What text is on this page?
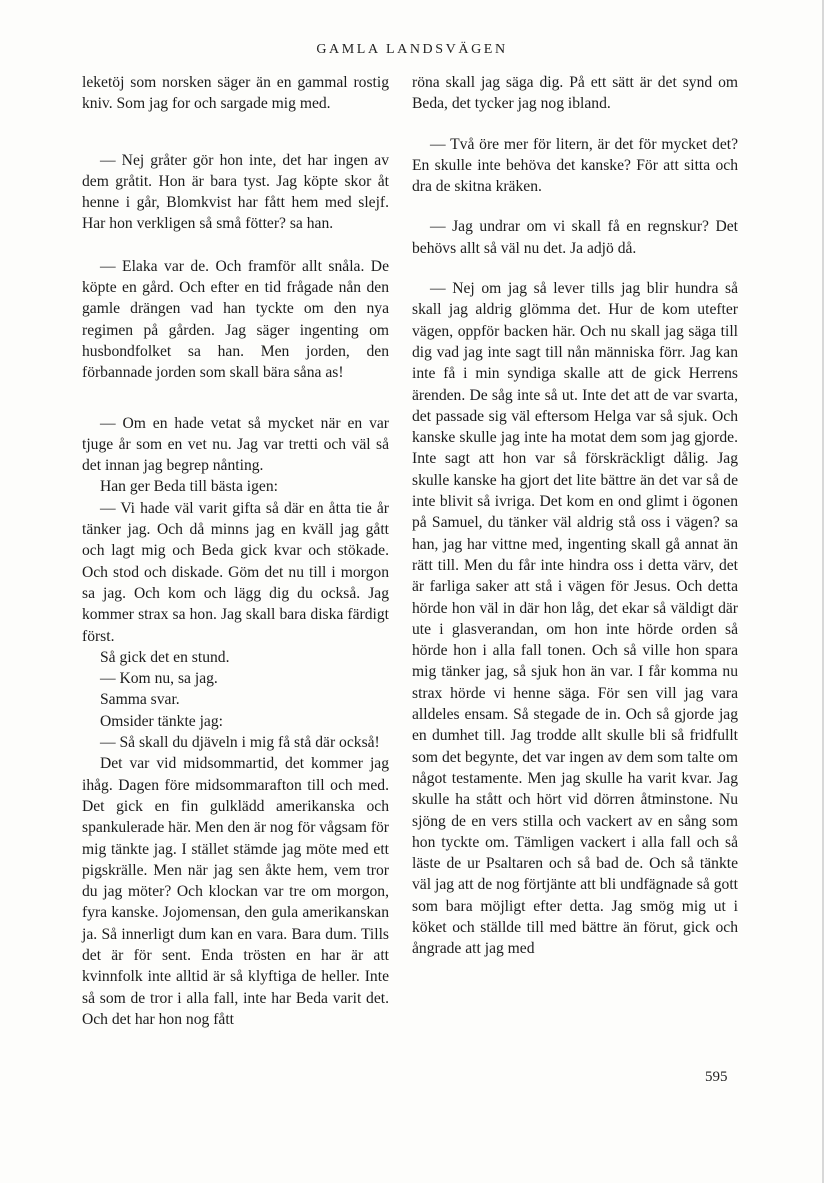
GAMLA LANDSVÄGEN

leketöj som norsken säger än en gammal rostig kniv. Som jag for och sargade mig med.

— Nej gråter gör hon inte, det har ingen av dem gråtit. Hon är bara tyst. Jag köpte skor åt henne i går, Blomkvist har fått hem med slejf. Har hon verkligen så små fötter? sa han.

— Elaka var de. Och framför allt snåla. De köpte en gård. Och efter en tid frågade nån den gamle drängen vad han tyckte om den nya regimen på gården. Jag säger ingenting om husbondfolket sa han. Men jorden, den förbannade jorden som skall bära såna as!

— Om en hade vetat så mycket när en var tjuge år som en vet nu. Jag var tretti och väl så det innan jag begrep nånting.

Han ger Beda till bästa igen:

— Vi hade väl varit gifta så där en åtta tie år tänker jag. Och då minns jag en kväll jag gått och lagt mig och Beda gick kvar och stökade. Och stod och diskade. Göm det nu till i morgon sa jag. Och kom och lägg dig du också. Jag kommer strax sa hon. Jag skall bara diska färdigt först.

Så gick det en stund.

— Kom nu, sa jag.

Samma svar.

Omsider tänkte jag:

— Så skall du djäveln i mig få stå där också!

Det var vid midsommartid, det kommer jag ihåg. Dagen före midsommarafton till och med. Det gick en fin gulklädd amerikanska och spankulerade här. Men den är nog för vågsam för mig tänkte jag. I stället stämde jag möte med ett pigskrälle. Men när jag sen åkte hem, vem tror du jag möter? Och klockan var tre om morgon, fyra kanske. Jojomensan, den gula amerikanskan ja. Så innerligt dum kan en vara. Bara dum. Tills det är för sent. Enda trösten en har är att kvinnfolk inte alltid är så klyftiga de heller. Inte så som de tror i alla fall, inte har Beda varit det. Och det har hon nog fått

röna skall jag säga dig. På ett sätt är det synd om Beda, det tycker jag nog ibland.

— Två öre mer för litern, är det för mycket det? En skulle inte behöva det kanske? För att sitta och dra de skitna kräken.

— Jag undrar om vi skall få en regnskur? Det behövs allt så väl nu det. Ja adjö då.

— Nej om jag så lever tills jag blir hundra så skall jag aldrig glömma det. Hur de kom utefter vägen, oppför backen här. Och nu skall jag säga till dig vad jag inte sagt till nån människa förr. Jag kan inte få i min syndiga skalle att de gick Herrens ärenden. De såg inte så ut. Inte det att de var svarta, det passade sig väl eftersom Helga var så sjuk. Och kanske skulle jag inte ha motat dem som jag gjorde. Inte sagt att hon var så förskräckligt dålig. Jag skulle kanske ha gjort det lite bättre än det var så de inte blivit så ivriga. Det kom en ond glimt i ögonen på Samuel, du tänker väl aldrig stå oss i vägen? sa han, jag har vittne med, ingenting skall gå annat än rätt till. Men du får inte hindra oss i detta värv, det är farliga saker att stå i vägen för Jesus. Och detta hörde hon väl in där hon låg, det ekar så väldigt där ute i glasverandan, om hon inte hörde orden så hörde hon i alla fall tonen. Och så ville hon spara mig tänker jag, så sjuk hon än var. I får komma nu strax hörde vi henne säga. För sen vill jag vara alldeles ensam. Så stegade de in. Och så gjorde jag en dumhet till. Jag trodde allt skulle bli så fridfullt som det begynte, det var ingen av dem som talte om något testamente. Men jag skulle ha varit kvar. Jag skulle ha stått och hört vid dörren åtminstone. Nu sjöng de en vers stilla och vackert av en sång som hon tyckte om. Tämligen vackert i alla fall och så läste de ur Psaltaren och så bad de. Och så tänkte väl jag att de nog förtjänte att bli undfägnade så gott som bara möjligt efter detta. Jag smög mig ut i köket och ställde till med bättre än förut, gick och ångrade att jag med

595
